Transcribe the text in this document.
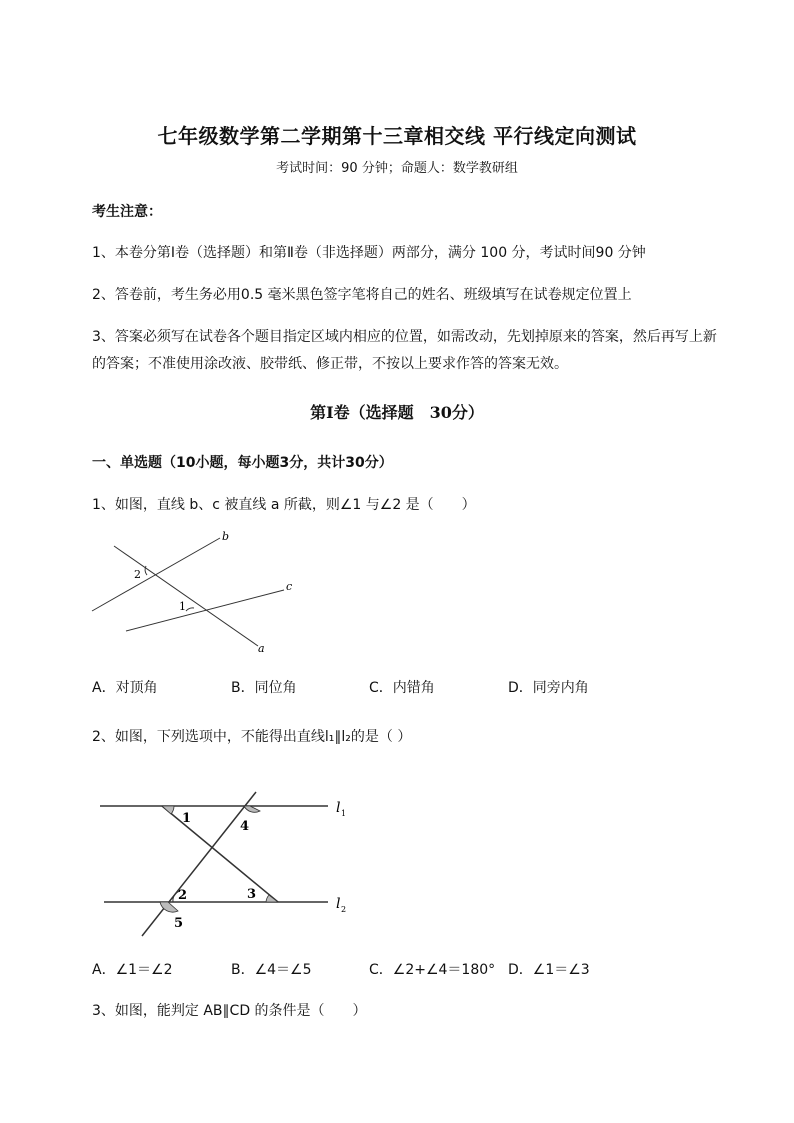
七年级数学第二学期第十三章相交线 平行线定向测试
考试时间：90 分钟；命题人：数学教研组
考生注意：
1、本卷分第Ⅰ卷（选择题）和第Ⅱ卷（非选择题）两部分，满分 100 分，考试时间90 分钟
2、答卷前，考生务必用0.5 毫米黑色签字笔将自己的姓名、班级填写在试卷规定位置上
3、答案必须写在试卷各个题目指定区域内相应的位置，如需改动，先划掉原来的答案，然后再写上新
的答案；不准使用涂改液、胶带纸、修正带，不按以上要求作答的答案无效。
第Ⅰ卷（选择题　30分）
一、单选题（10小题，每小题3分，共计30分）
1、如图，直线 b、c 被直线 a 所截，则∠1 与∠2 是（　　）
b
c
a
2
1
A．对顶角	B．同位角	C．内错角	D．同旁内角
2、如图，下列选项中，不能得出直线l₁∥l₂的是（ ）
1
4
2	3
5
l 1
l 2
A．∠1＝∠2	B．∠4＝∠5	C．∠2+∠4＝180° D．∠1＝∠3
3、如图，能判定 AB∥CD 的条件是（　　）
